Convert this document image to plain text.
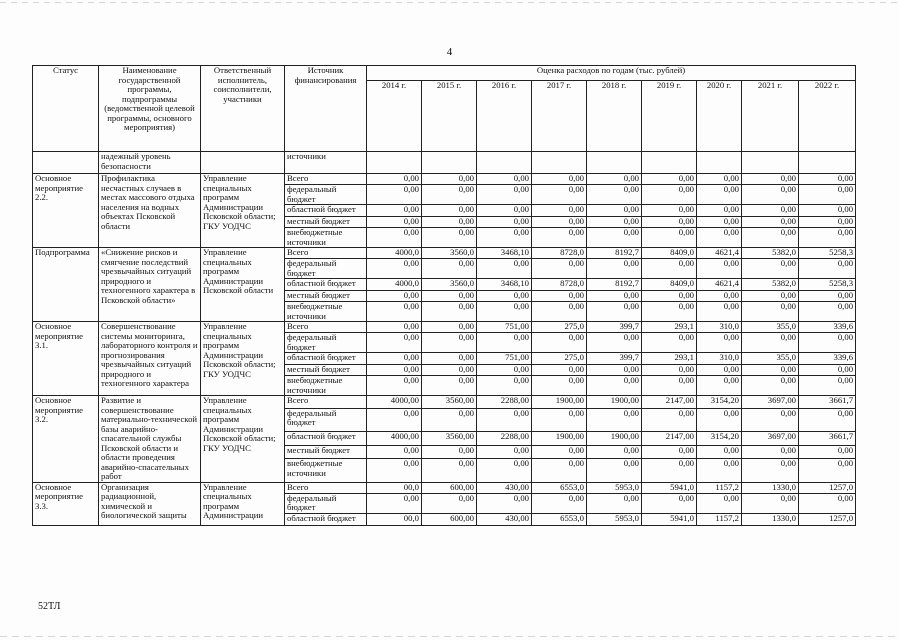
4
Статус	Наименование государственной программы, подпрограммы (ведомственной целевой программы, основного мероприятия)	Ответственный исполнитель, соисполнители, участники	Источник финансирования	Оценка расходов по годам (тыс. рублей)								
				2014 г.	2015 г.	2016 г.	2017 г.	2018 г.	2019 г.	2020 г.	2021 г.	2022 г.
	надежный уровень безопасности		источники									
Основное мероприятие 2.2.	Профилактика несчастных случаев в местах массового отдыха населения на водных объектах Псковской области	Управление специальных программ Администрации Псковской области; ГКУ УОДЧС	Всего	0,00	0,00	0,00	0,00	0,00	0,00	0,00	0,00	0,00
			федеральный бюджет	0,00	0,00	0,00	0,00	0,00	0,00	0,00	0,00	0,00
			областной бюджет	0,00	0,00	0,00	0,00	0,00	0,00	0,00	0,00	0,00
			местный бюджет	0,00	0,00	0,00	0,00	0,00	0,00	0,00	0,00	0,00
			внебюджетные источники	0,00	0,00	0,00	0,00	0,00	0,00	0,00	0,00	0,00
Подпрограмма	«Снижение рисков и смягчение последствий чрезвычайных ситуаций природного и техногенного характера в Псковской области»	Управление специальных программ Администрации Псковской области	Всего	4000,0	3560,0	3468,10	8728,0	8192,7	8409,0	4621,4	5382,0	5258,3
			федеральный бюджет	0,00	0,00	0,00	0,00	0,00	0,00	0,00	0,00	0,00
			областной бюджет	4000,0	3560,0	3468,10	8728,0	8192,7	8409,0	4621,4	5382,0	5258,3
			местный бюджет	0,00	0,00	0,00	0,00	0,00	0,00	0,00	0,00	0,00
			внебюджетные источники	0,00	0,00	0,00	0,00	0,00	0,00	0,00	0,00	0,00
Основное мероприятие 3.1.	Совершенствование системы мониторинга, лабораторного контроля и прогнозирования чрезвычайных ситуаций природного и техногенного характера	Управление специальных программ Администрации Псковской области; ГКУ УОДЧС	Всего	0,00	0,00	751,00	275,0	399,7	293,1	310,0	355,0	339,6
			федеральный бюджет	0,00	0,00	0,00	0,00	0,00	0,00	0,00	0,00	0,00
			областной бюджет	0,00	0,00	751,00	275,0	399,7	293,1	310,0	355,0	339,6
			местный бюджет	0,00	0,00	0,00	0,00	0,00	0,00	0,00	0,00	0,00
			внебюджетные источники	0,00	0,00	0,00	0,00	0,00	0,00	0,00	0,00	0,00
Основное мероприятие 3.2.	Развитие и совершенствование материально-технической базы аварийно-спасательной службы Псковской области и области проведения аварийно-спасательных работ	Управление специальных программ Администрации Псковской области; ГКУ УОДЧС	Всего	4000,00	3560,00	2288,00	1900,00	1900,00	2147,00	3154,20	3697,00	3661,7
			федеральный бюджет	0,00	0,00	0,00	0,00	0,00	0,00	0,00	0,00	0,00
			областной бюджет	4000,00	3560,00	2288,00	1900,00	1900,00	2147,00	3154,20	3697,00	3661,7
			местный бюджет	0,00	0,00	0,00	0,00	0,00	0,00	0,00	0,00	0,00
			внебюджетные источники	0,00	0,00	0,00	0,00	0,00	0,00	0,00	0,00	0,00
Основное мероприятие 3.3.	Организация радиационной, химической и биологической защиты	Управление специальных программ Администрации	Всего	00,0	600,00	430,00	6553,0	5953,0	5941,0	1157,2	1330,0	1257,0
			федеральный бюджет	0,00	0,00	0,00	0,00	0,00	0,00	0,00	0,00	0,00
			областной бюджет	00,0	600,00	430,00	6553,0	5953,0	5941,0	1157,2	1330,0	1257,0
52ТЛ
